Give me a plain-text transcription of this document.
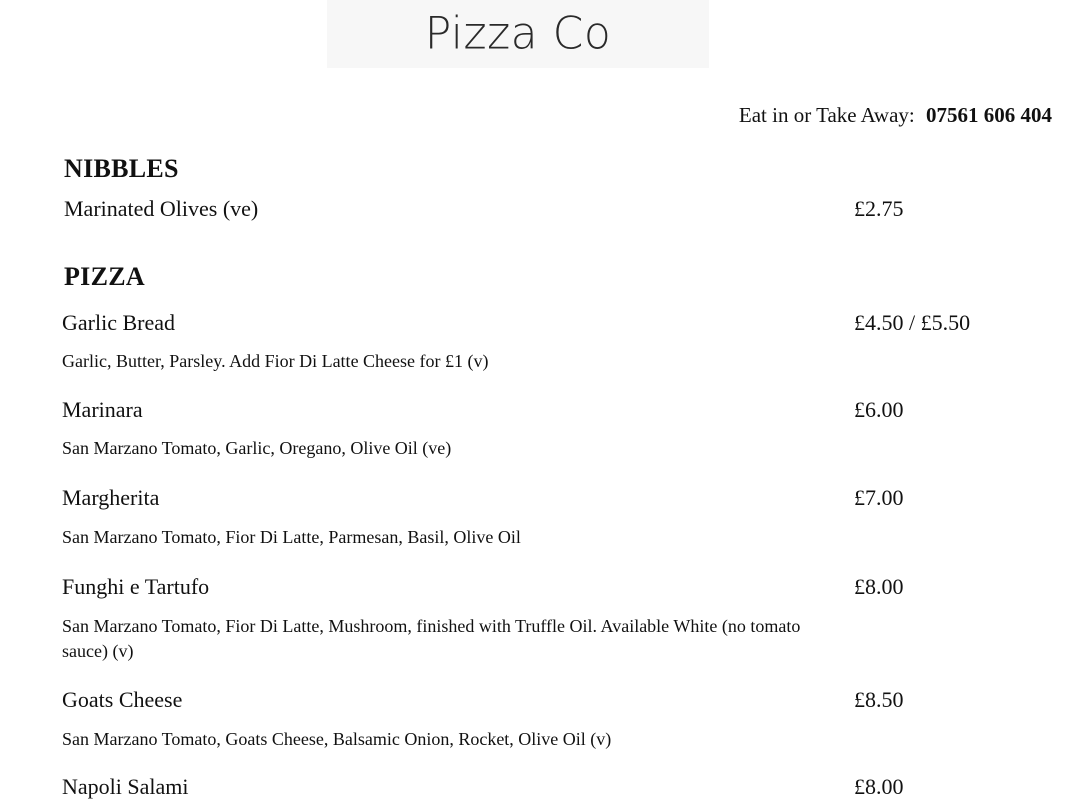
Pizza Co
Eat in or Take Away: 07561 606 404
NIBBLES
Marinated Olives (ve)	£2.75
PIZZA
Garlic Bread	£4.50 / £5.50
Garlic, Butter, Parsley. Add Fior Di Latte Cheese for £1 (v)
Marinara	£6.00
San Marzano Tomato, Garlic, Oregano, Olive Oil (ve)
Margherita	£7.00
San Marzano Tomato, Fior Di Latte, Parmesan, Basil, Olive Oil
Funghi e Tartufo	£8.00
San Marzano Tomato, Fior Di Latte, Mushroom, finished with Truffle Oil. Available White (no tomato sauce) (v)
Goats Cheese	£8.50
San Marzano Tomato, Goats Cheese, Balsamic Onion, Rocket, Olive Oil (v)
Napoli Salami	£8.00
